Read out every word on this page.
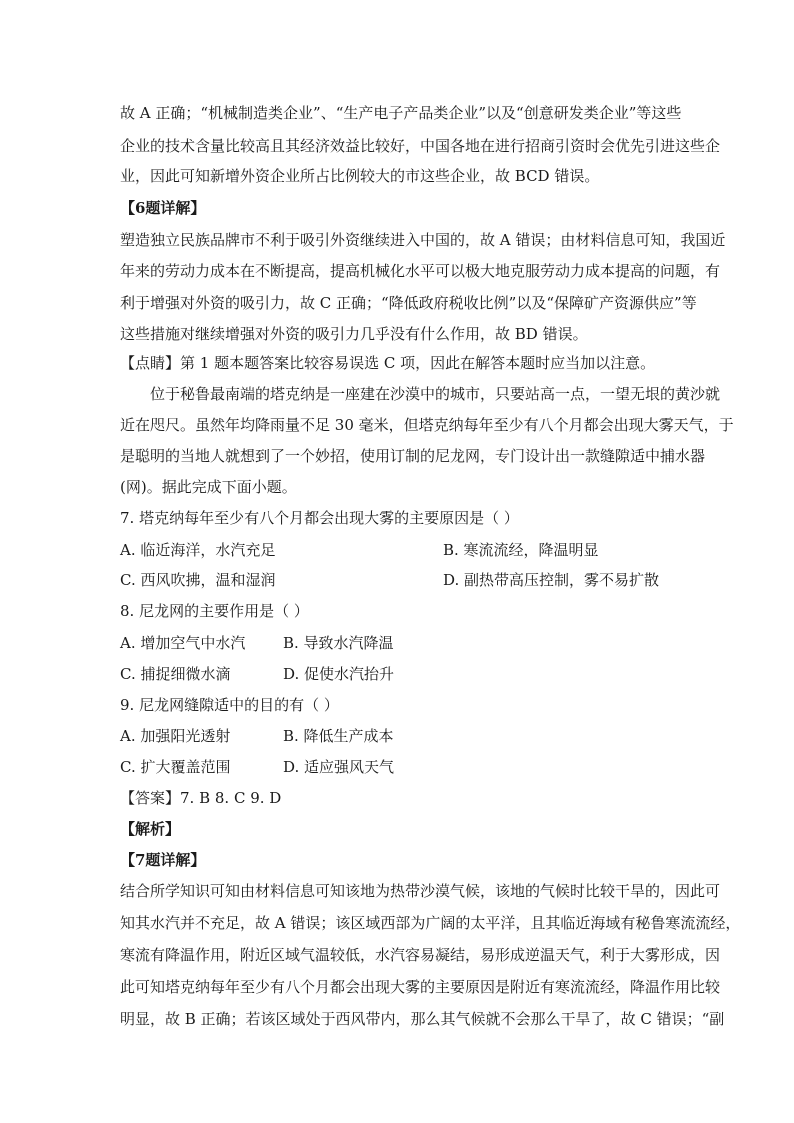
故 A 正确；“机械制造类企业”、“生产电子产品类企业”以及“创意研发类企业”等这些
企业的技术含量比较高且其经济效益比较好，中国各地在进行招商引资时会优先引进这些企
业，因此可知新增外资企业所占比例较大的市这些企业，故 BCD 错误。
【6题详解】
塑造独立民族品牌市不利于吸引外资继续进入中国的，故 A 错误；由材料信息可知，我国近
年来的劳动力成本在不断提高，提高机械化水平可以极大地克服劳动力成本提高的问题，有
利于增强对外资的吸引力，故 C 正确；“降低政府税收比例”以及“保障矿产资源供应”等
这些措施对继续增强对外资的吸引力几乎没有什么作用，故 BD 错误。
【点睛】第 1 题本题答案比较容易误选 C 项，因此在解答本题时应当加以注意。
位于秘鲁最南端的塔克纳是一座建在沙漠中的城市，只要站高一点，一望无垠的黄沙就
近在咫尺。虽然年均降雨量不足 30 毫米，但塔克纳每年至少有八个月都会出现大雾天气，于
是聪明的当地人就想到了一个妙招，使用订制的尼龙网，专门设计出一款缝隙适中捕水器
(网)。据此完成下面小题。
7. 塔克纳每年至少有八个月都会出现大雾的主要原因是（ ）
A. 临近海洋，水汽充足	B. 寒流流经，降温明显
C. 西风吹拂，温和湿润	D. 副热带高压控制，雾不易扩散
8. 尼龙网的主要作用是（ ）
A. 增加空气中水汽	B. 导致水汽降温
C. 捕捉细微水滴	D. 促使水汽抬升
9. 尼龙网缝隙适中的目的有（ ）
A. 加强阳光透射	B. 降低生产成本
C. 扩大覆盖范围	D. 适应强风天气
【答案】7. B 8. C 9. D
【解析】
【7题详解】
结合所学知识可知由材料信息可知该地为热带沙漠气候，该地的气候时比较干旱的，因此可
知其水汽并不充足，故 A 错误；该区域西部为广阔的太平洋，且其临近海域有秘鲁寒流流经，
寒流有降温作用，附近区域气温较低，水汽容易凝结，易形成逆温天气，利于大雾形成，因
此可知塔克纳每年至少有八个月都会出现大雾的主要原因是附近有寒流流经，降温作用比较
明显，故 B 正确；若该区域处于西风带内，那么其气候就不会那么干旱了，故 C 错误；“副
